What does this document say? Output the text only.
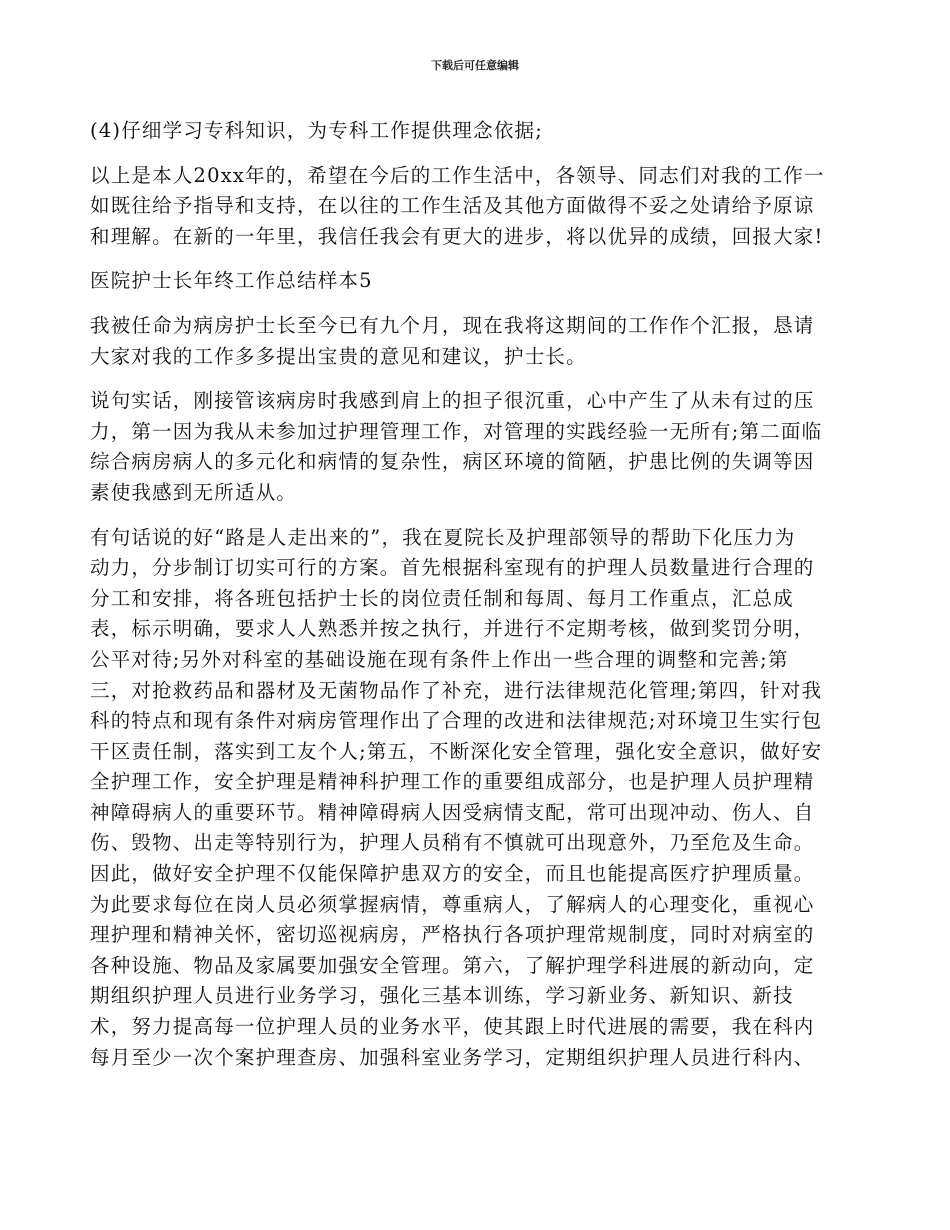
下载后可任意编辑

(4)仔细学习专科知识，为专科工作提供理念依据;

以上是本人20xx年的，希望在今后的工作生活中，各领导、同志们对我的工作一
如既往给予指导和支持，在以往的工作生活及其他方面做得不妥之处请给予原谅
和理解。在新的一年里，我信任我会有更大的进步，将以优异的成绩，回报大家!

医院护士长年终工作总结样本5

我被任命为病房护士长至今已有九个月，现在我将这期间的工作作个汇报，恳请
大家对我的工作多多提出宝贵的意见和建议，护士长。

说句实话，刚接管该病房时我感到肩上的担子很沉重，心中产生了从未有过的压
力，第一因为我从未参加过护理管理工作，对管理的实践经验一无所有;第二面临
综合病房病人的多元化和病情的复杂性，病区环境的简陋，护患比例的失调等因
素使我感到无所适从。

有句话说的好“路是人走出来的”，我在夏院长及护理部领导的帮助下化压力为
动力，分步制订切实可行的方案。首先根据科室现有的护理人员数量进行合理的
分工和安排，将各班包括护士长的岗位责任制和每周、每月工作重点，汇总成
表，标示明确，要求人人熟悉并按之执行，并进行不定期考核，做到奖罚分明，
公平对待;另外对科室的基础设施在现有条件上作出一些合理的调整和完善;第
三，对抢救药品和器材及无菌物品作了补充，进行法律规范化管理;第四，针对我
科的特点和现有条件对病房管理作出了合理的改进和法律规范;对环境卫生实行包
干区责任制，落实到工友个人;第五，不断深化安全管理，强化安全意识，做好安
全护理工作，安全护理是精神科护理工作的重要组成部分，也是护理人员护理精
神障碍病人的重要环节。精神障碍病人因受病情支配，常可出现冲动、伤人、自
伤、毁物、出走等特别行为，护理人员稍有不慎就可出现意外，乃至危及生命。
因此，做好安全护理不仅能保障护患双方的安全，而且也能提高医疗护理质量。
为此要求每位在岗人员必须掌握病情，尊重病人，了解病人的心理变化，重视心
理护理和精神关怀，密切巡视病房，严格执行各项护理常规制度，同时对病室的
各种设施、物品及家属要加强安全管理。第六，了解护理学科进展的新动向，定
期组织护理人员进行业务学习，强化三基本训练，学习新业务、新知识、新技
术，努力提高每一位护理人员的业务水平，使其跟上时代进展的需要，我在科内
每月至少一次个案护理查房、加强科室业务学习，定期组织护理人员进行科内、
